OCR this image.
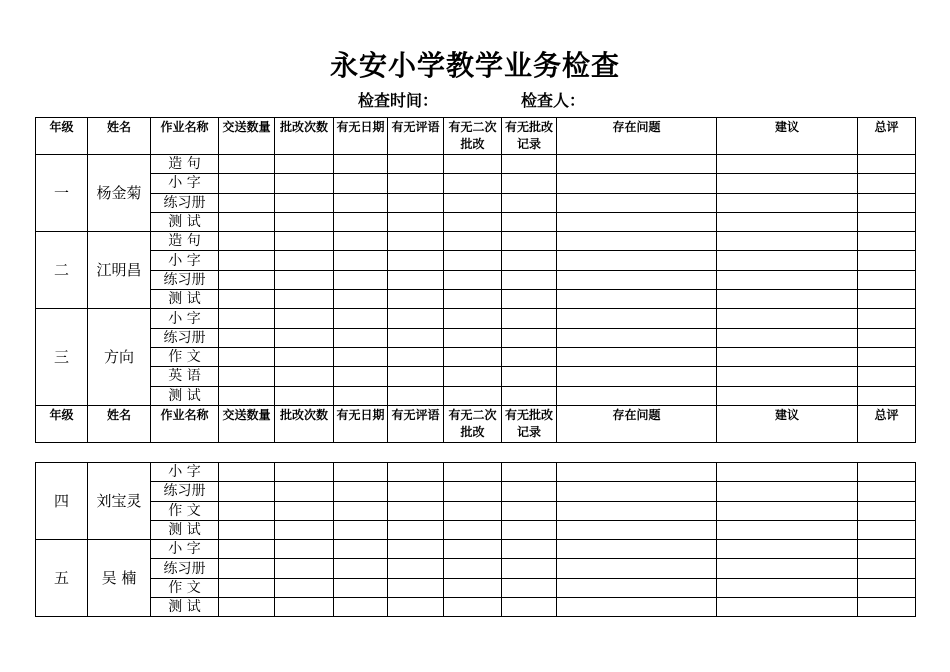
永安小学教学业务检查
检查时间：	检查人：
年级	姓名	作业名称	交送数量	批改次数	有无日期	有无评语	有无二次批改	有无批改记录	存在问题	建议	总评
一	杨金菊	造 句									
		小 字									
		练习册									
		测 试									
二	江明昌	造 句									
		小 字									
		练习册									
		测 试									
三	方向	小 字									
		练习册									
		作 文									
		英 语									
		测 试									
年级	姓名	作业名称	交送数量	批改次数	有无日期	有无评语	有无二次批改	有无批改记录	存在问题	建议	总评
四	刘宝灵	小 字									
		练习册									
		作 文									
		测 试									
五	吴 楠	小 字									
		练习册									
		作 文									
		测 试									
